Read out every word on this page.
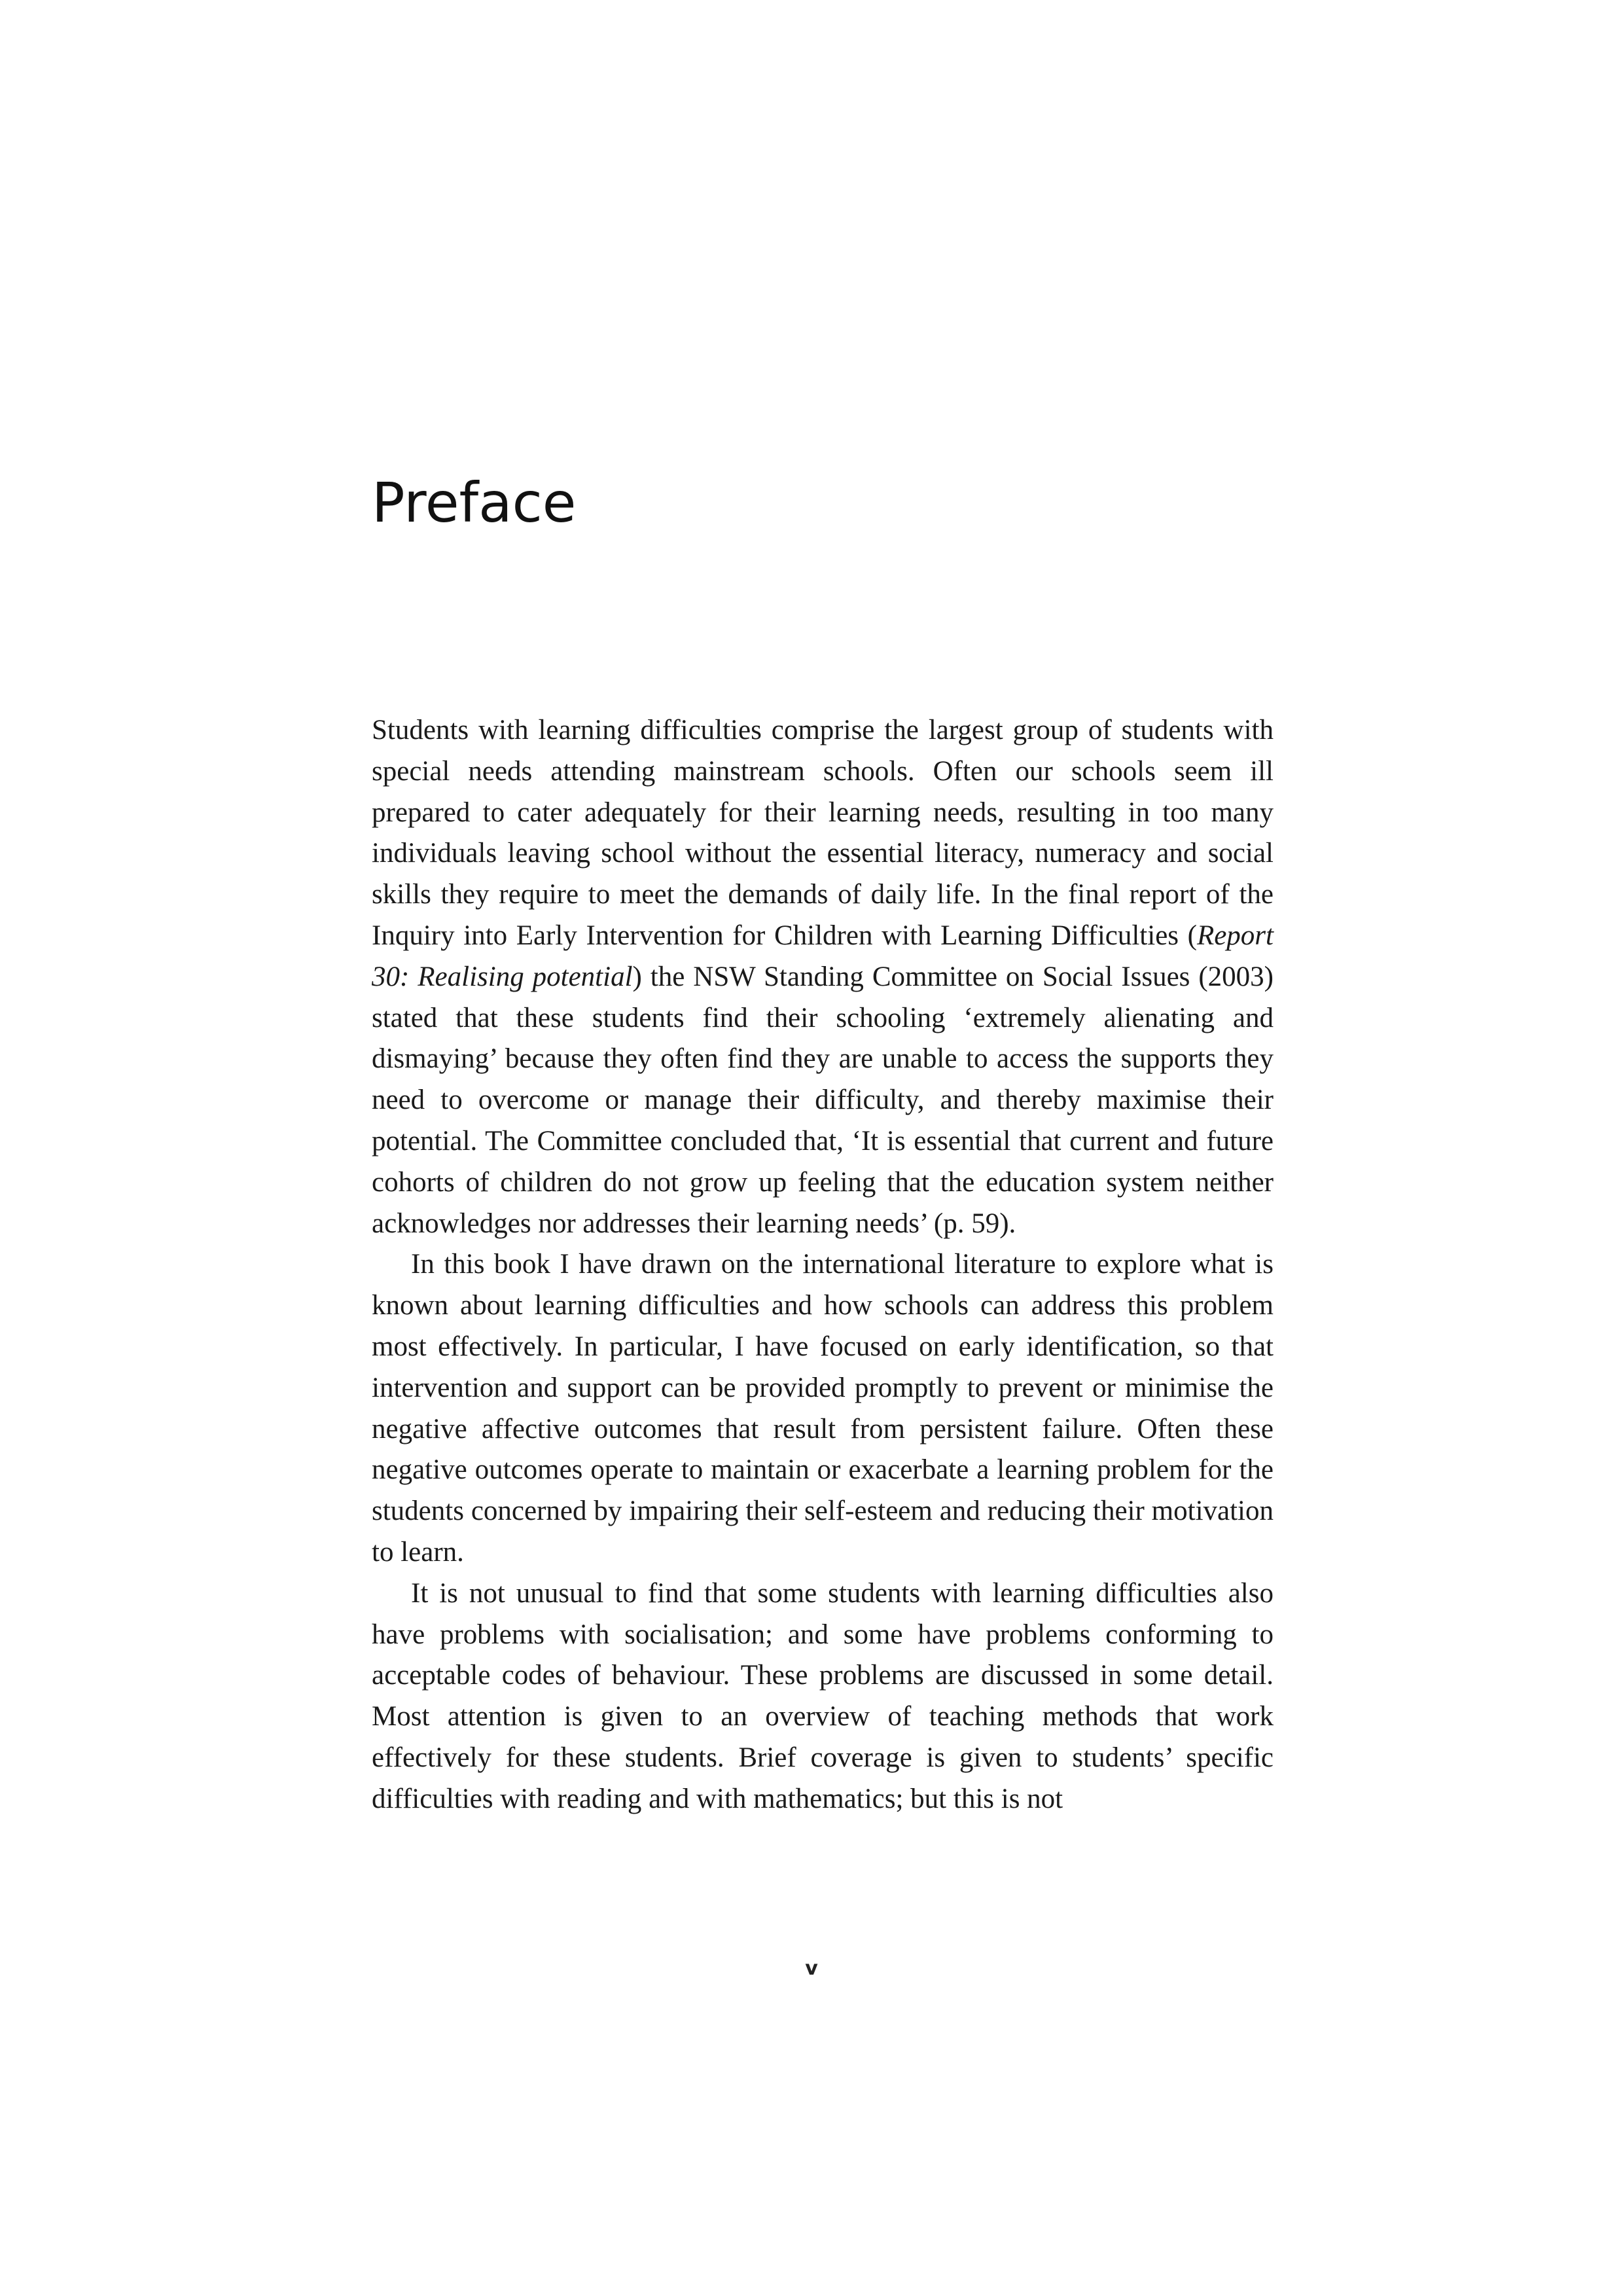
Preface

Students with learning difficulties comprise the largest group of students with special needs attending mainstream schools. Often our schools seem ill prepared to cater adequately for their learning needs, resulting in too many individuals leaving school without the essential literacy, numeracy and social skills they require to meet the demands of daily life. In the final report of the Inquiry into Early Intervention for Children with Learning Difficulties (Report 30: Realising potential) the NSW Standing Committee on Social Issues (2003) stated that these students find their schooling ‘extremely alienating and dismaying’ because they often find they are unable to access the supports they need to overcome or manage their difficulty, and thereby maximise their potential. The Committee concluded that, ‘It is essential that current and future cohorts of children do not grow up feeling that the education system neither acknowledges nor addresses their learning needs’ (p. 59).

In this book I have drawn on the international literature to explore what is known about learning difficulties and how schools can address this problem most effectively. In particular, I have focused on early identification, so that intervention and support can be provided promptly to prevent or minimise the negative affective outcomes that result from persistent failure. Often these negative outcomes operate to maintain or exacerbate a learning problem for the students concerned by impairing their self-esteem and reducing their motivation to learn.

It is not unusual to find that some students with learning difficulties also have problems with socialisation; and some have problems conforming to acceptable codes of behaviour. These problems are discussed in some detail. Most attention is given to an overview of teaching methods that work effectively for these students. Brief coverage is given to students’ specific difficulties with reading and with mathematics; but this is not

v
